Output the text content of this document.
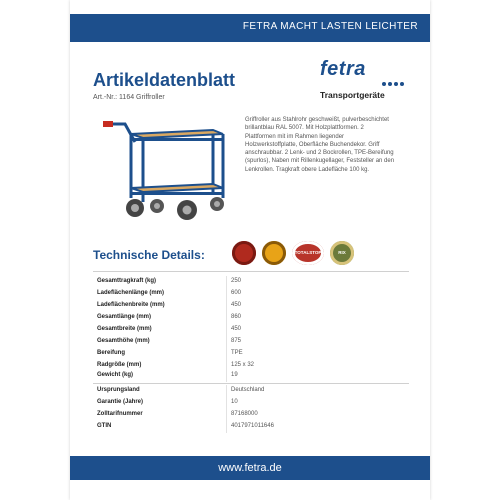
FETRA MACHT LASTEN LEICHTER
Artikeldatenblatt
Art.-Nr.: 1164 Griffroller
fetra
Transportgeräte
Griffroller aus Stahlrohr geschweißt, pulverbeschichtet brillantblau RAL 5007. Mit Holzplattformen. 2 Plattformen mit im Rahmen liegender Holzwerkstoffplatte, Oberfläche Buchendekor. Griff anschraubbar. 2 Lenk- und 2 Bockrollen, TPE-Bereifung (spurlos), Naben mit Rillenkugellager, Feststeller an den Lenkrollen. Tragkraft obere Ladefläche 100 kg.
Technische Details:	TOTALSTOP	RIX
Gesamttragkraft (kg)	250
Ladeflächenlänge (mm)	600
Ladeflächenbreite (mm)	450
Gesamtlänge (mm)	860
Gesamtbreite (mm)	450
Gesamthöhe (mm)	875
Bereifung	TPE
Radgröße (mm)	125 x 32
Gewicht (kg)	19
Ursprungsland	Deutschland
Garantie (Jahre)	10
Zolltarifnummer	87168000
GTIN	4017971011646
www.fetra.de
